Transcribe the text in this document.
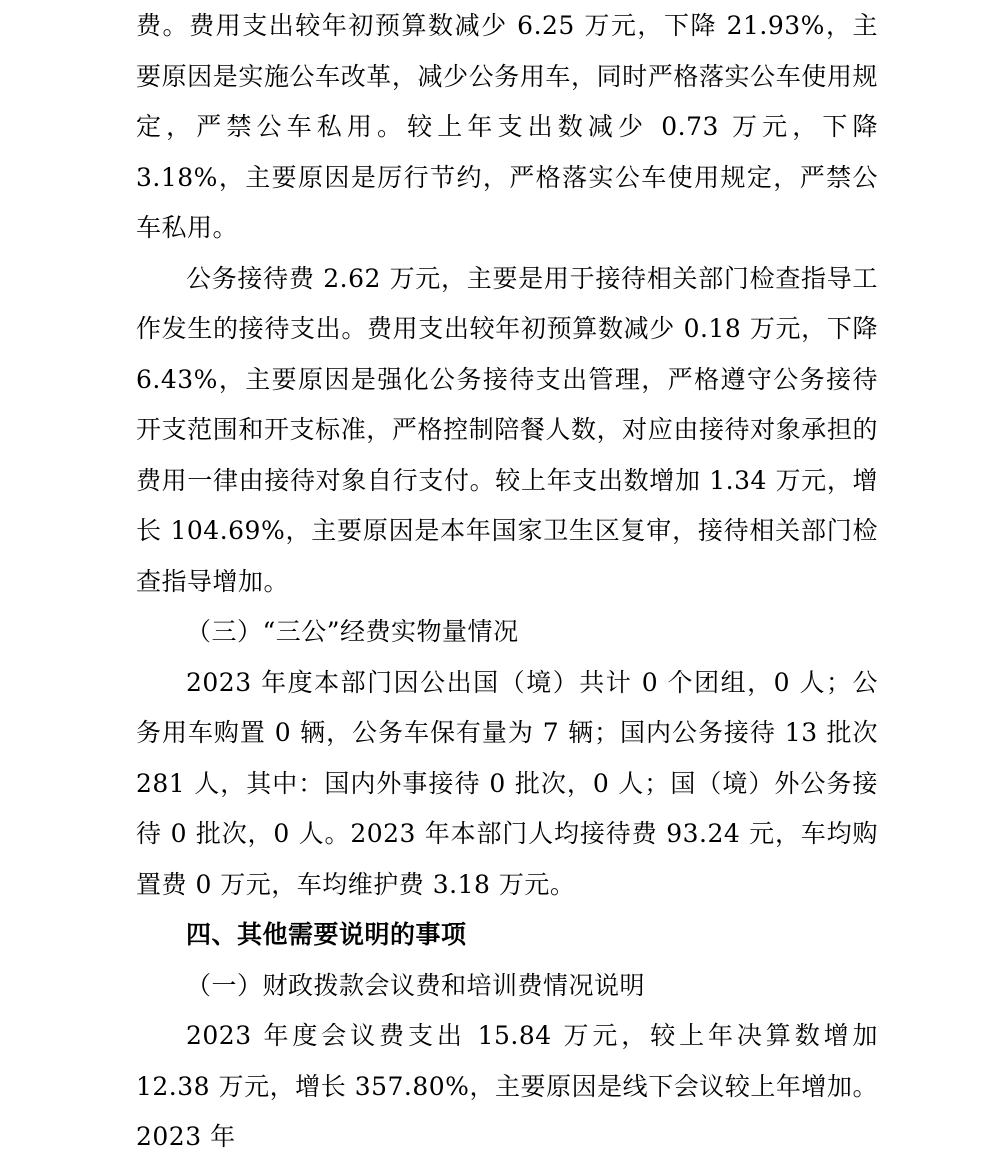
费。费用支出较年初预算数减少 6.25 万元，下降 21.93%，主要原因是实施公车改革，减少公务用车，同时严格落实公车使用规定，严禁公车私用。较上年支出数减少 0.73 万元，下降 3.18%，主要原因是厉行节约，严格落实公车使用规定，严禁公车私用。

公务接待费 2.62 万元，主要是用于接待相关部门检查指导工作发生的接待支出。费用支出较年初预算数减少 0.18 万元，下降 6.43%，主要原因是强化公务接待支出管理，严格遵守公务接待开支范围和开支标准，严格控制陪餐人数，对应由接待对象承担的费用一律由接待对象自行支付。较上年支出数增加 1.34 万元，增长 104.69%，主要原因是本年国家卫生区复审，接待相关部门检查指导增加。

（三）“三公”经费实物量情况

2023 年度本部门因公出国（境）共计 0 个团组，0 人；公务用车购置 0 辆，公务车保有量为 7 辆；国内公务接待 13 批次 281 人，其中：国内外事接待 0 批次，0 人；国（境）外公务接待 0 批次，0 人。2023 年本部门人均接待费 93.24 元，车均购置费 0 万元，车均维护费 3.18 万元。

四、其他需要说明的事项

（一）财政拨款会议费和培训费情况说明

2023 年度会议费支出 15.84 万元，较上年决算数增加 12.38 万元，增长 357.80%，主要原因是线下会议较上年增加。2023 年
